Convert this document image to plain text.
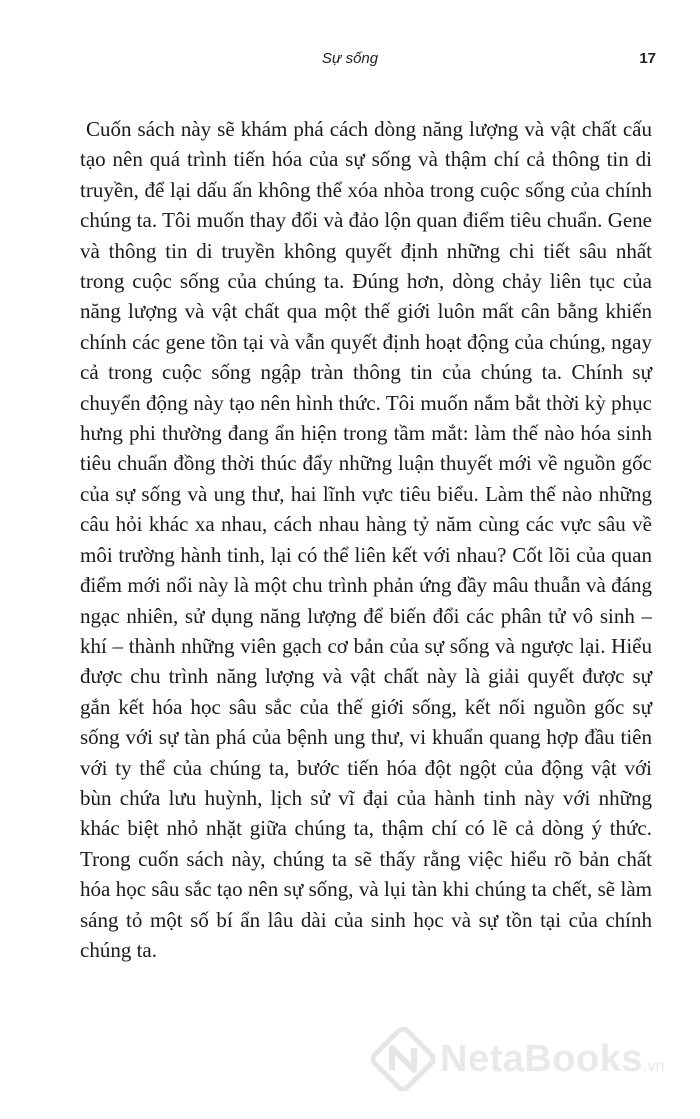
Sự sống	17

Cuốn sách này sẽ khám phá cách dòng năng lượng và vật chất cấu tạo nên quá trình tiến hóa của sự sống và thậm chí cả thông tin di truyền, để lại dấu ấn không thể xóa nhòa trong cuộc sống của chính chúng ta. Tôi muốn thay đổi và đảo lộn quan điểm tiêu chuẩn. Gene và thông tin di truyền không quyết định những chi tiết sâu nhất trong cuộc sống của chúng ta. Đúng hơn, dòng chảy liên tục của năng lượng và vật chất qua một thế giới luôn mất cân bằng khiến chính các gene tồn tại và vẫn quyết định hoạt động của chúng, ngay cả trong cuộc sống ngập tràn thông tin của chúng ta. Chính sự chuyển động này tạo nên hình thức. Tôi muốn nắm bắt thời kỳ phục hưng phi thường đang ẩn hiện trong tầm mắt: làm thế nào hóa sinh tiêu chuẩn đồng thời thúc đẩy những luận thuyết mới về nguồn gốc của sự sống và ung thư, hai lĩnh vực tiêu biểu. Làm thế nào những câu hỏi khác xa nhau, cách nhau hàng tỷ năm cùng các vực sâu về môi trường hành tinh, lại có thể liên kết với nhau? Cốt lõi của quan điểm mới nổi này là một chu trình phản ứng đầy mâu thuẫn và đáng ngạc nhiên, sử dụng năng lượng để biến đổi các phân tử vô sinh – khí – thành những viên gạch cơ bản của sự sống và ngược lại. Hiểu được chu trình năng lượng và vật chất này là giải quyết được sự gắn kết hóa học sâu sắc của thế giới sống, kết nối nguồn gốc sự sống với sự tàn phá của bệnh ung thư, vi khuẩn quang hợp đầu tiên với ty thể của chúng ta, bước tiến hóa đột ngột của động vật với bùn chứa lưu huỳnh, lịch sử vĩ đại của hành tinh này với những khác biệt nhỏ nhặt giữa chúng ta, thậm chí có lẽ cả dòng ý thức. Trong cuốn sách này, chúng ta sẽ thấy rằng việc hiểu rõ bản chất hóa học sâu sắc tạo nên sự sống, và lụi tàn khi chúng ta chết, sẽ làm sáng tỏ một số bí ẩn lâu dài của sinh học và sự tồn tại của chính chúng ta.

NetaBooks.vn
